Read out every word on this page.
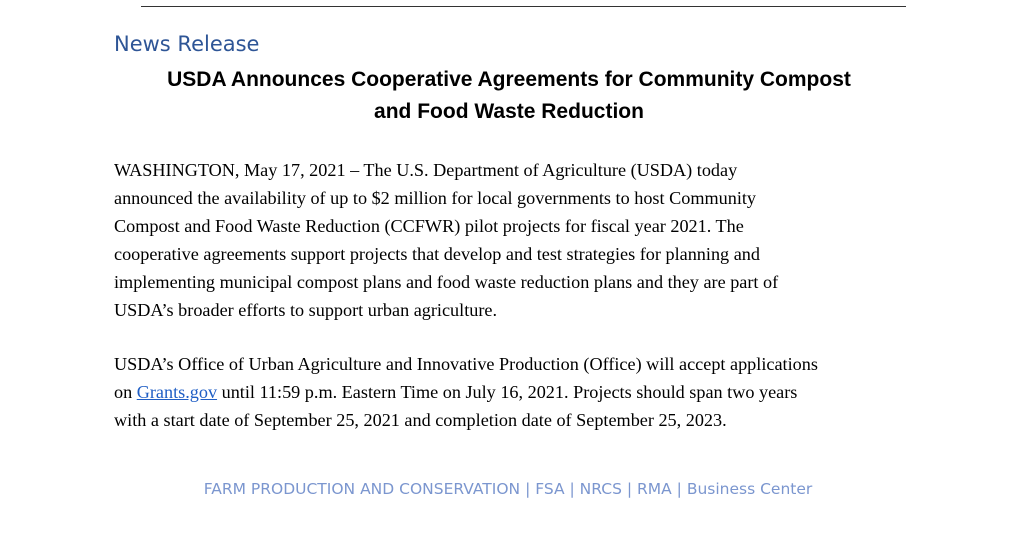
News Release
USDA Announces Cooperative Agreements for Community Compost
and Food Waste Reduction
WASHINGTON, May 17, 2021 – The U.S. Department of Agriculture (USDA) today
announced the availability of up to $2 million for local governments to host Community
Compost and Food Waste Reduction (CCFWR) pilot projects for fiscal year 2021. The
cooperative agreements support projects that develop and test strategies for planning and
implementing municipal compost plans and food waste reduction plans and they are part of
USDA’s broader efforts to support urban agriculture.
USDA’s Office of Urban Agriculture and Innovative Production (Office) will accept applications
on Grants.gov until 11:59 p.m. Eastern Time on July 16, 2021. Projects should span two years
with a start date of September 25, 2021 and completion date of September 25, 2023.
FARM PRODUCTION AND CONSERVATION | FSA | NRCS | RMA | Business Center
